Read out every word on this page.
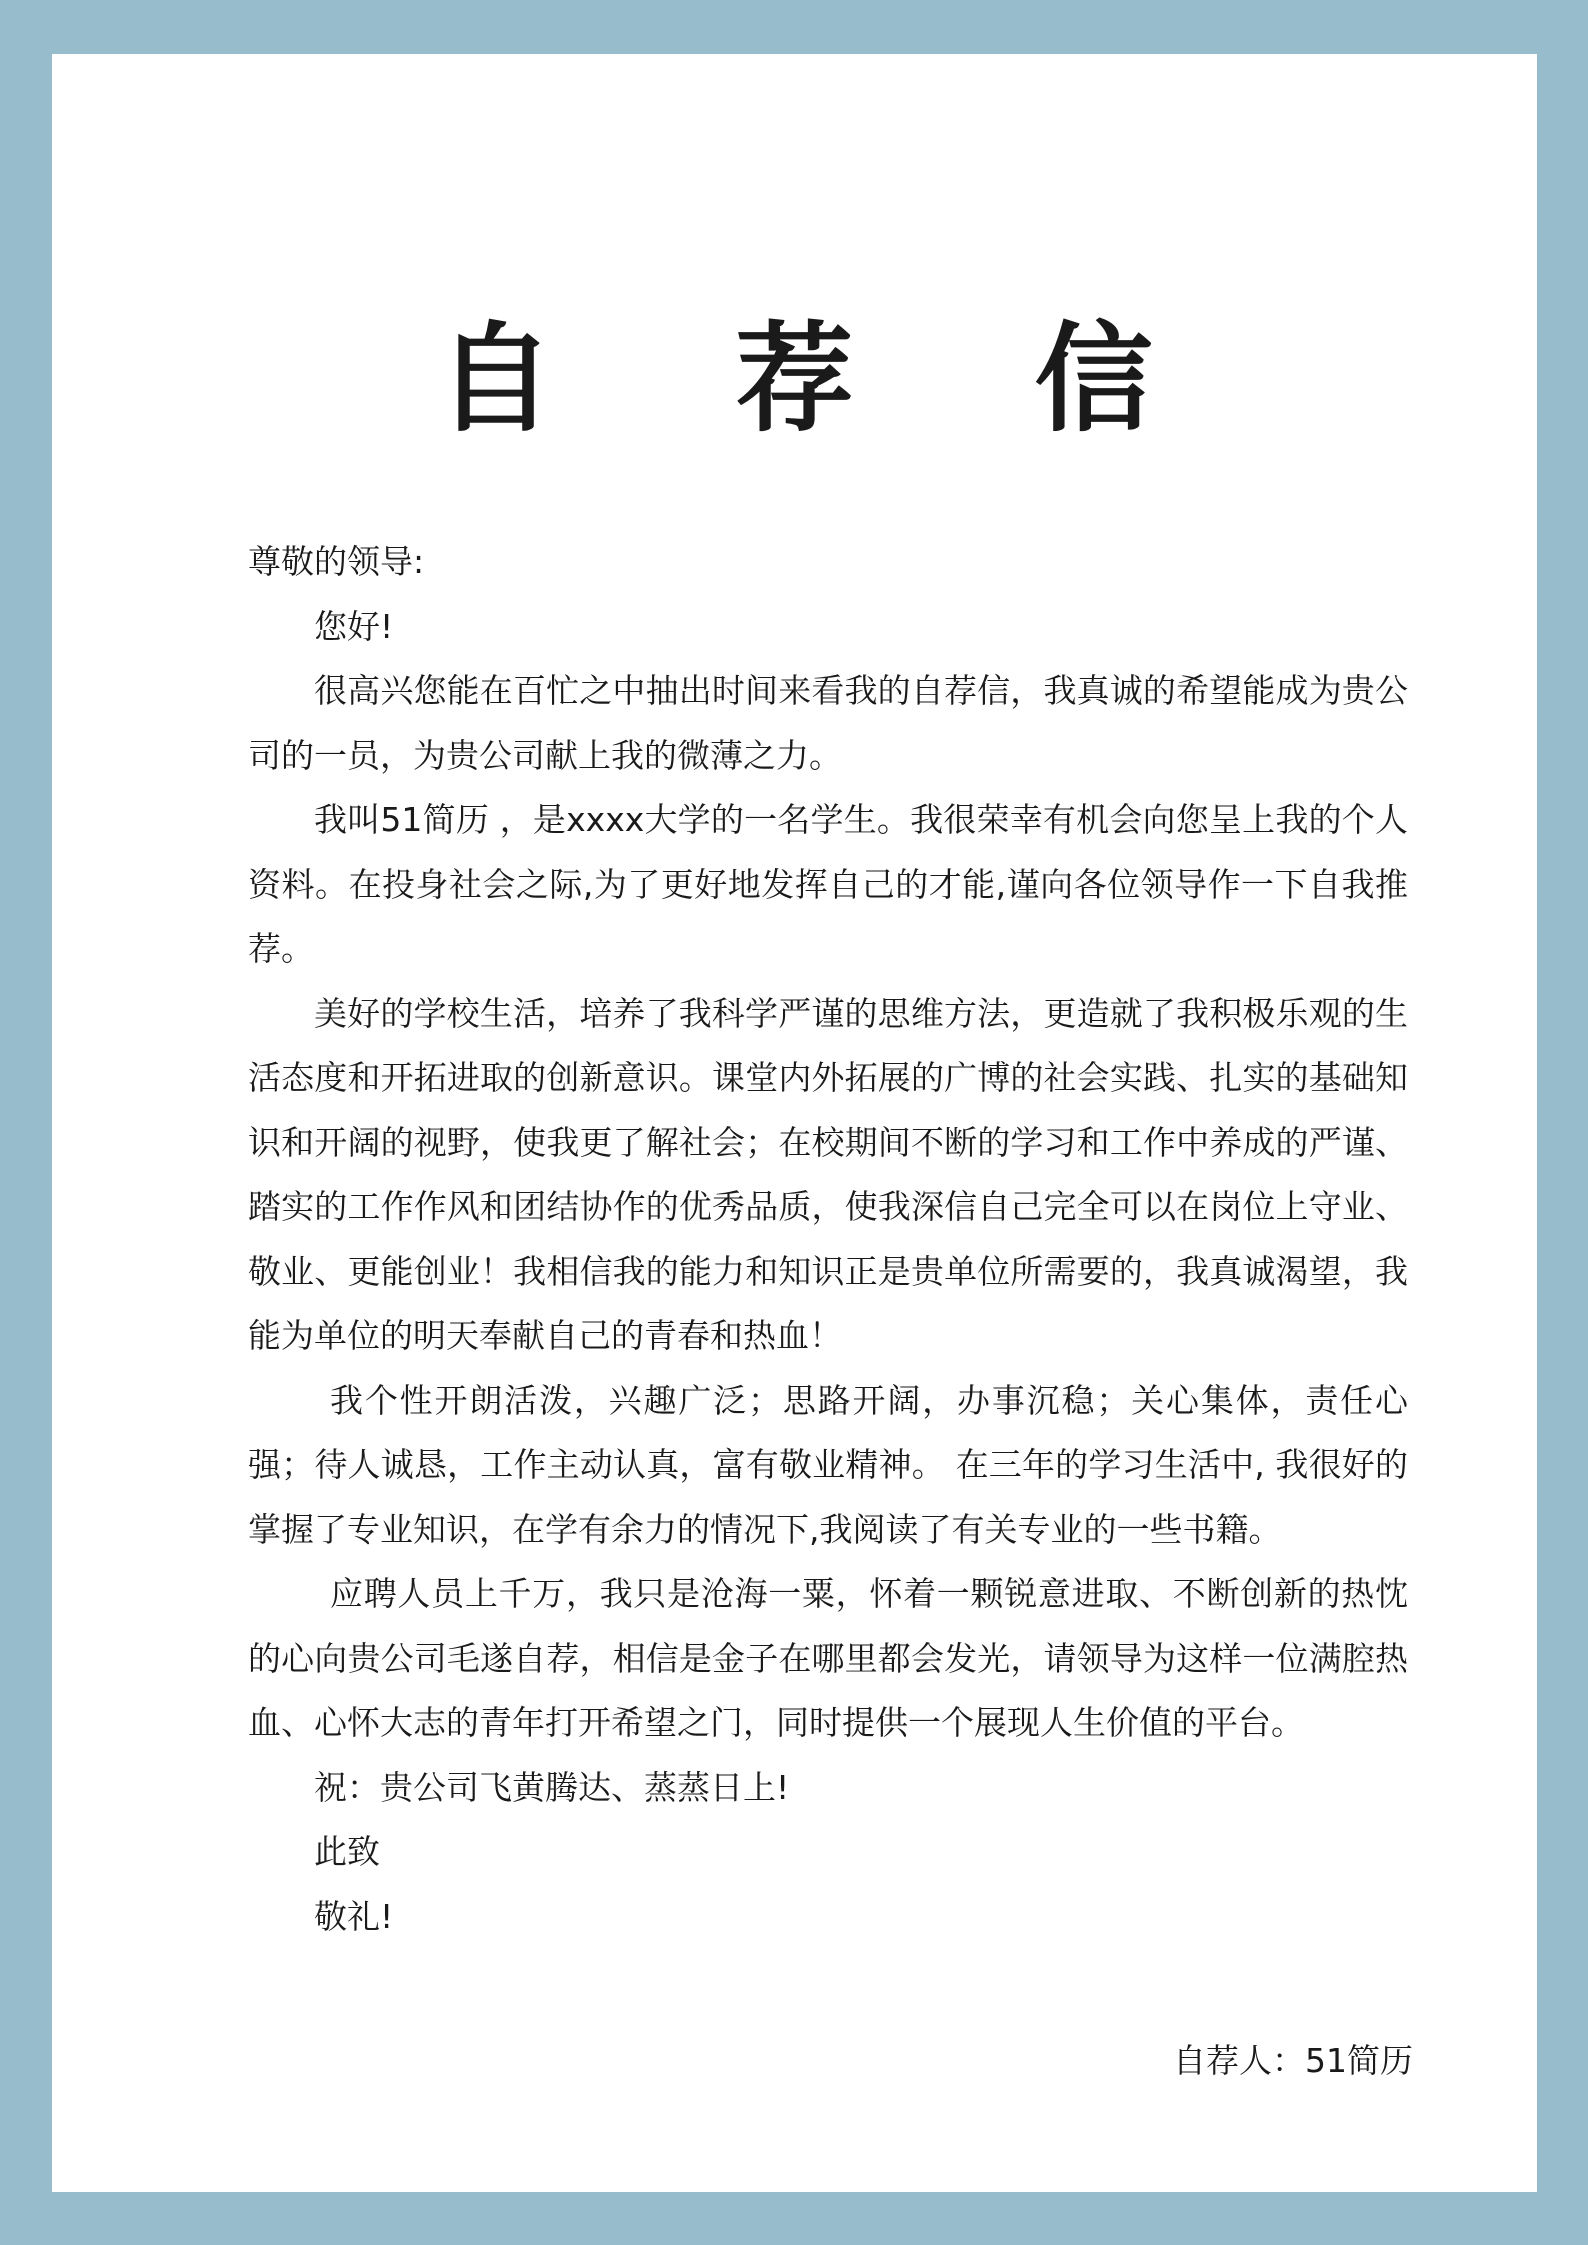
自 荐 信

尊敬的领导:

您好!

很高兴您能在百忙之中抽出时间来看我的自荐信，我真诚的希望能成为贵公司的一员，为贵公司献上我的微薄之力。

我叫51简历 ，是xxxx大学的一名学生。我很荣幸有机会向您呈上我的个人资料。在投身社会之际,为了更好地发挥自己的才能,谨向各位领导作一下自我推荐。

美好的学校生活，培养了我科学严谨的思维方法，更造就了我积极乐观的生活态度和开拓进取的创新意识。课堂内外拓展的广博的社会实践、扎实的基础知识和开阔的视野，使我更了解社会；在校期间不断的学习和工作中养成的严谨、踏实的工作作风和团结协作的优秀品质，使我深信自己完全可以在岗位上守业、敬业、更能创业！我相信我的能力和知识正是贵单位所需要的，我真诚渴望，我能为单位的明天奉献自己的青春和热血！

我个性开朗活泼，兴趣广泛；思路开阔，办事沉稳；关心集体，责任心强；待人诚恳，工作主动认真，富有敬业精神。 在三年的学习生活中, 我很好的掌握了专业知识，在学有余力的情况下,我阅读了有关专业的一些书籍。

应聘人员上千万，我只是沧海一粟，怀着一颗锐意进取、不断创新的热忱的心向贵公司毛遂自荐，相信是金子在哪里都会发光，请领导为这样一位满腔热血、心怀大志的青年打开希望之门，同时提供一个展现人生价值的平台。

祝：贵公司飞黄腾达、蒸蒸日上!

此致

敬礼!

自荐人：51简历
